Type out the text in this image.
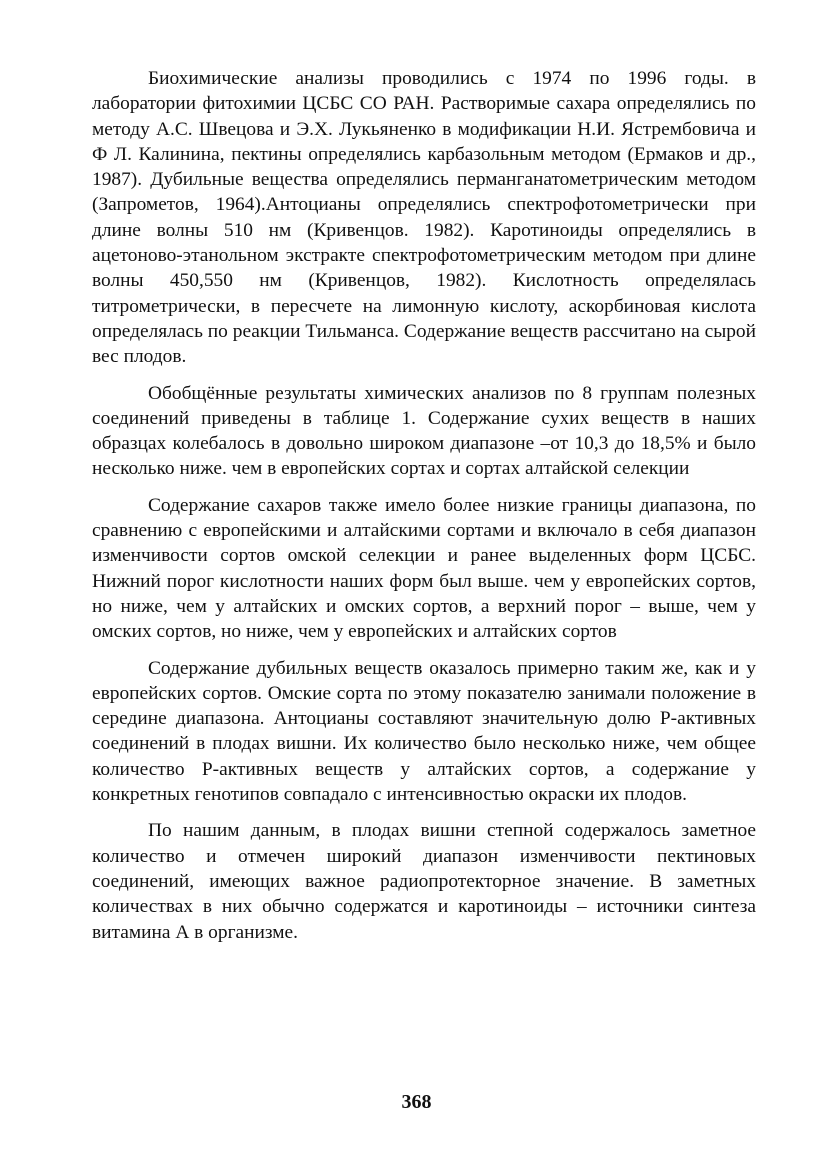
Биохимические анализы проводились с 1974 по 1996 годы. в лаборатории фитохимии ЦСБС СО РАН. Растворимые сахара определялись по методу А.С. Швецова и Э.Х. Лукьяненко в модификации Н.И. Ястрембовича и Ф Л. Калинина, пектины определялись карбазольным методом (Ермаков и др., 1987). Дубильные вещества определялись перманганатометрическим методом (Запрометов, 1964).Антоцианы определялись спектрофотометрически при длине волны 510 нм (Кривенцов. 1982). Каротиноиды определялись в ацетоново-этанольном экстракте спектрофотометрическим методом при длине волны 450,550 нм (Кривенцов, 1982). Кислотность определялась титрометрически, в пересчете на лимонную кислоту, аскорбиновая кислота определялась по реакции Тильманса. Содержание веществ рассчитано на сырой вес плодов.

Обобщённые результаты химических анализов по 8 группам полезных соединений приведены в таблице 1. Содержание сухих веществ в наших образцах колебалось в довольно широком диапазоне –от 10,3 до 18,5% и было несколько ниже. чем в европейских сортах и сортах алтайской селекции

Содержание сахаров также имело более низкие границы диапазона, по сравнению с европейскими и алтайскими сортами и включало в себя диапазон изменчивости сортов омской селекции и ранее выделенных форм ЦСБС. Нижний порог кислотности наших форм был выше. чем у европейских сортов, но ниже, чем у алтайских и омских сортов, а верхний порог – выше, чем у омских сортов, но ниже, чем у европейских и алтайских сортов

Содержание дубильных веществ оказалось примерно таким же, как и у европейских сортов. Омские сорта по этому показателю занимали положение в середине диапазона. Антоцианы составляют значительную долю Р-активных соединений в плодах вишни. Их количество было несколько ниже, чем общее количество Р-активных веществ у алтайских сортов, а содержание у конкретных генотипов совпадало с интенсивностью окраски их плодов.

По нашим данным, в плодах вишни степной содержалось заметное количество и отмечен широкий диапазон изменчивости пектиновых соединений, имеющих важное радиопротекторное значение. В заметных количествах в них обычно содержатся и каротиноиды – источники синтеза витамина А в организме.

368
